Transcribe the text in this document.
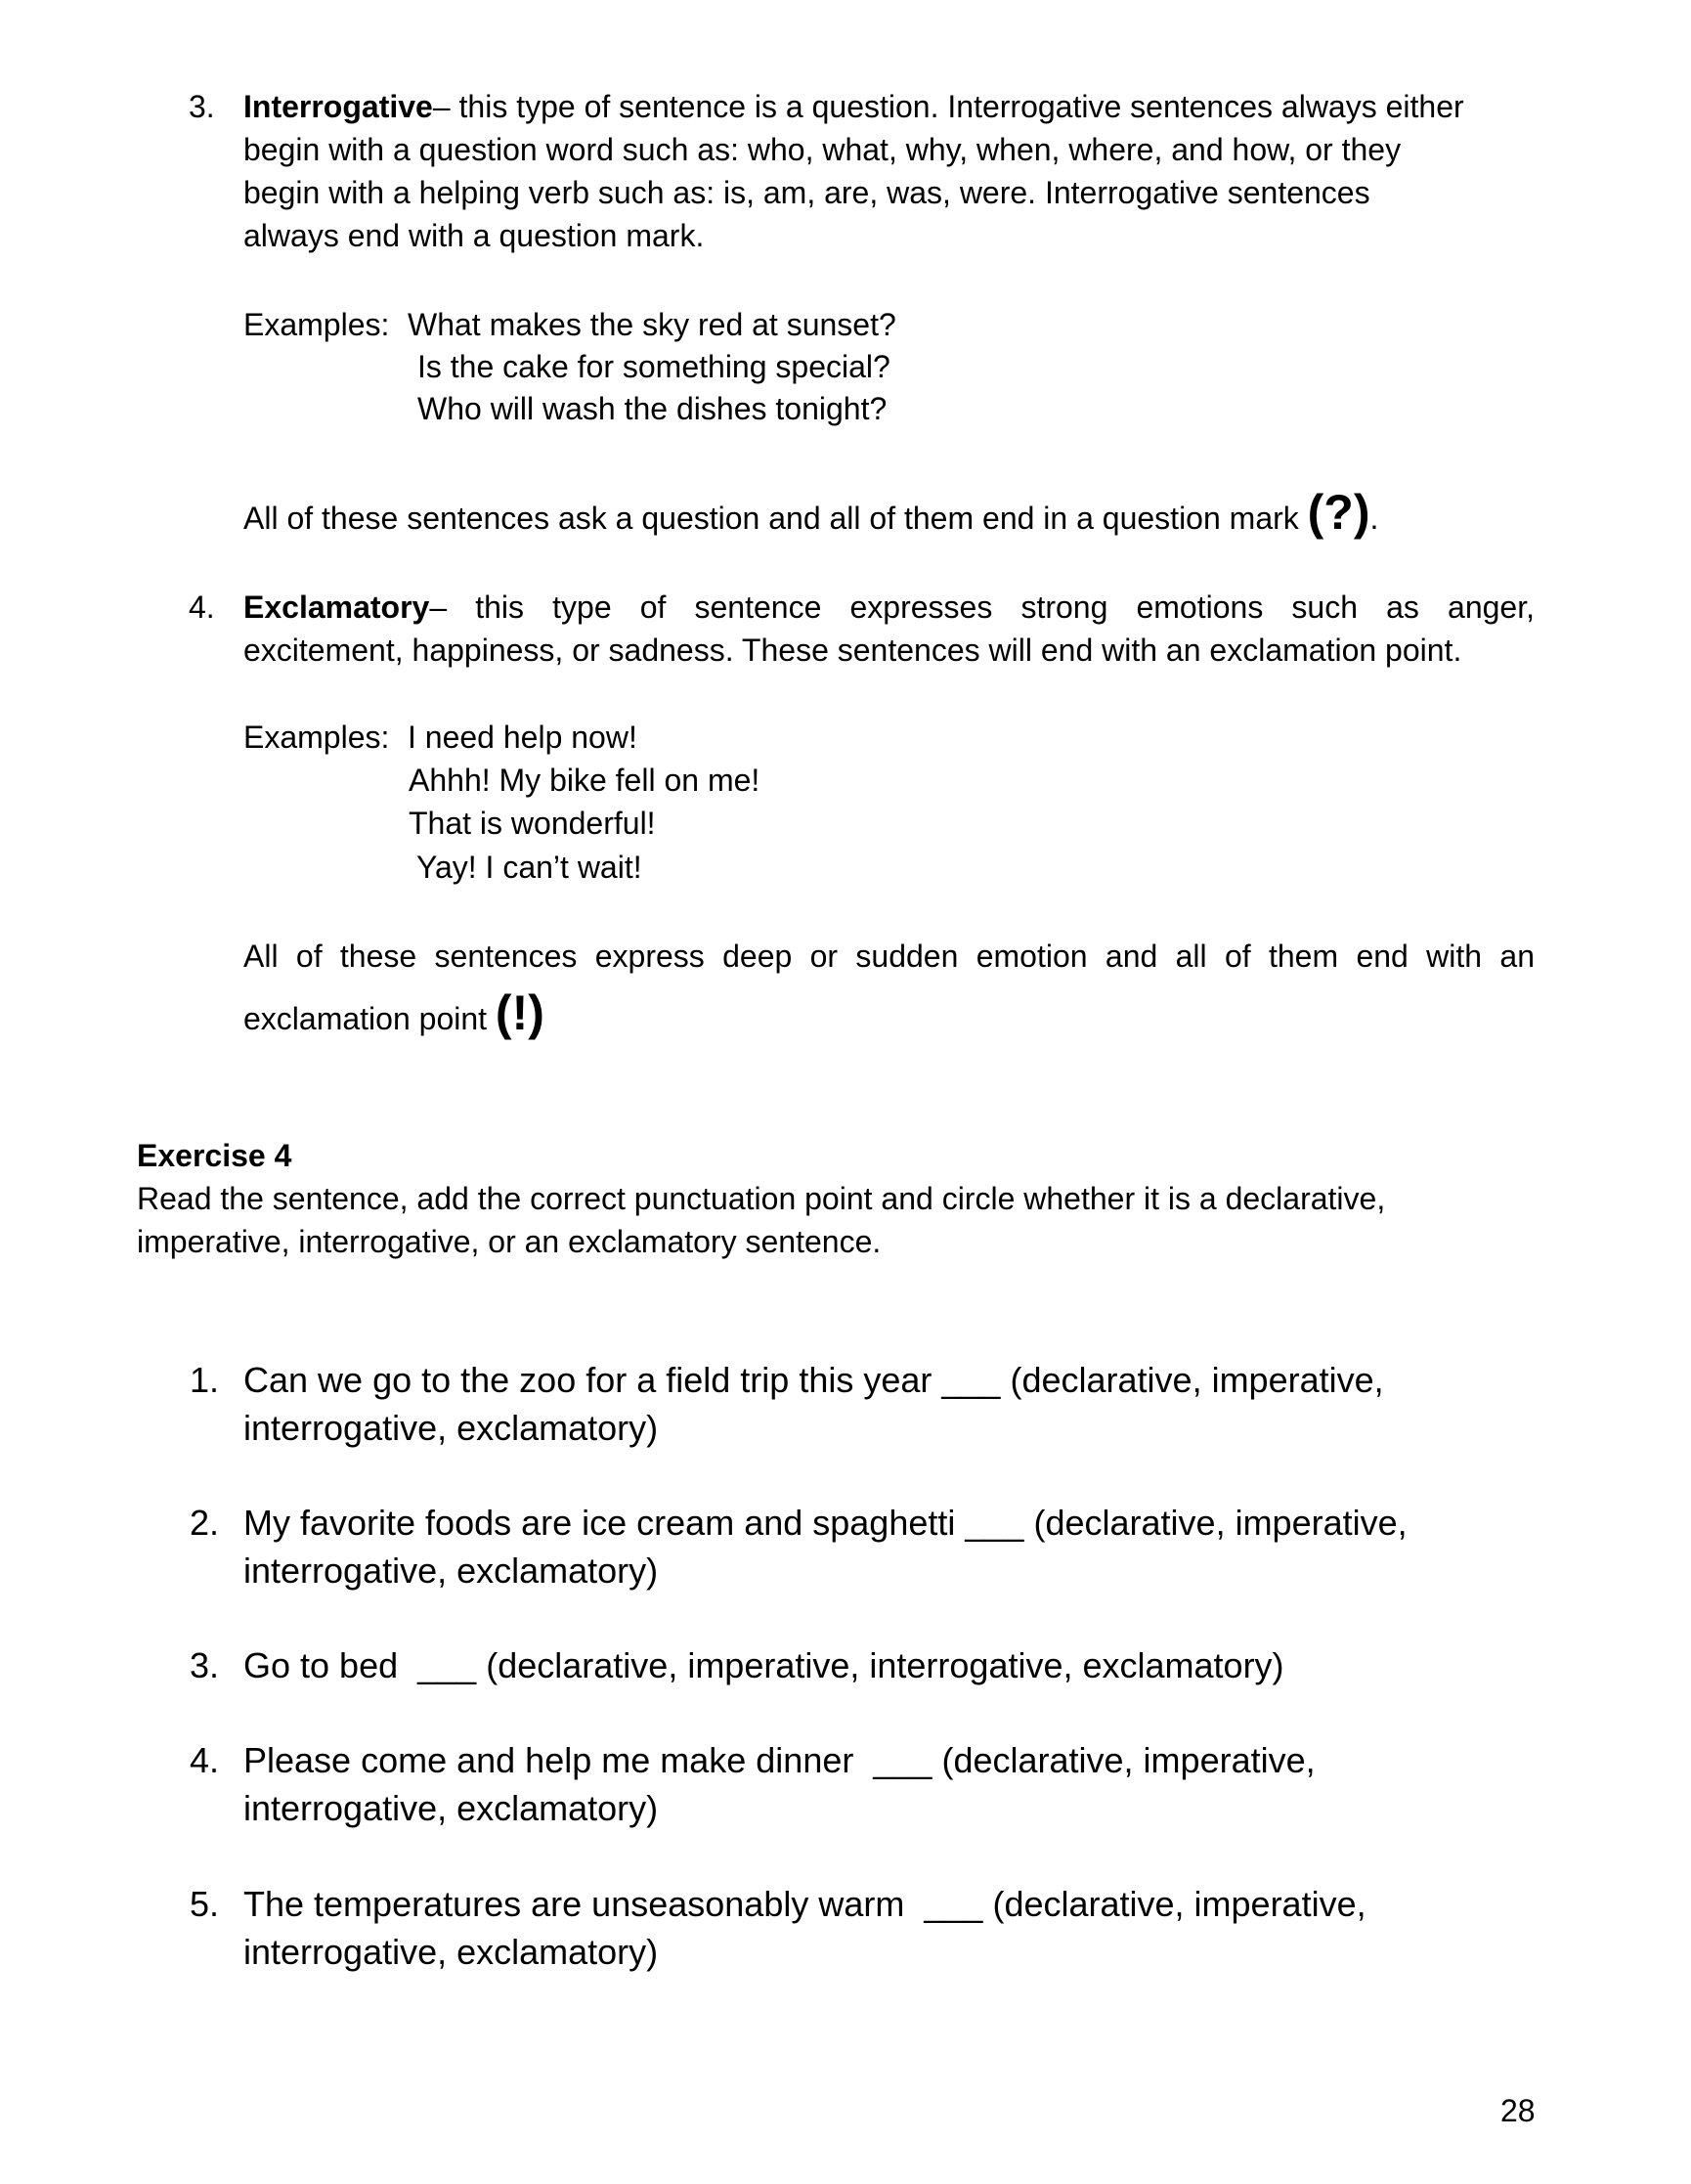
3. Interrogative– this type of sentence is a question. Interrogative sentences always either
begin with a question word such as: who, what, why, when, where, and how, or they
begin with a helping verb such as: is, am, are, was, were. Interrogative sentences
always end with a question mark.
Examples: What makes the sky red at sunset?
Is the cake for something special?
Who will wash the dishes tonight?
All of these sentences ask a question and all of them end in a question mark (?).
4. Exclamatory– this type of sentence expresses strong emotions such as anger,
excitement, happiness, or sadness. These sentences will end with an exclamation point.
Examples: I need help now!
Ahhh! My bike fell on me!
That is wonderful!
Yay! I can’t wait!
All of these sentences express deep or sudden emotion and all of them end with an
exclamation point (!)
Exercise 4
Read the sentence, add the correct punctuation point and circle whether it is a declarative,
imperative, interrogative, or an exclamatory sentence.
1. Can we go to the zoo for a field trip this year ___ (declarative, imperative,
interrogative, exclamatory)
2. My favorite foods are ice cream and spaghetti ___ (declarative, imperative,
interrogative, exclamatory)
3. Go to bed ___ (declarative, imperative, interrogative, exclamatory)
4. Please come and help me make dinner ___ (declarative, imperative,
interrogative, exclamatory)
5. The temperatures are unseasonably warm ___ (declarative, imperative,
interrogative, exclamatory)
28
